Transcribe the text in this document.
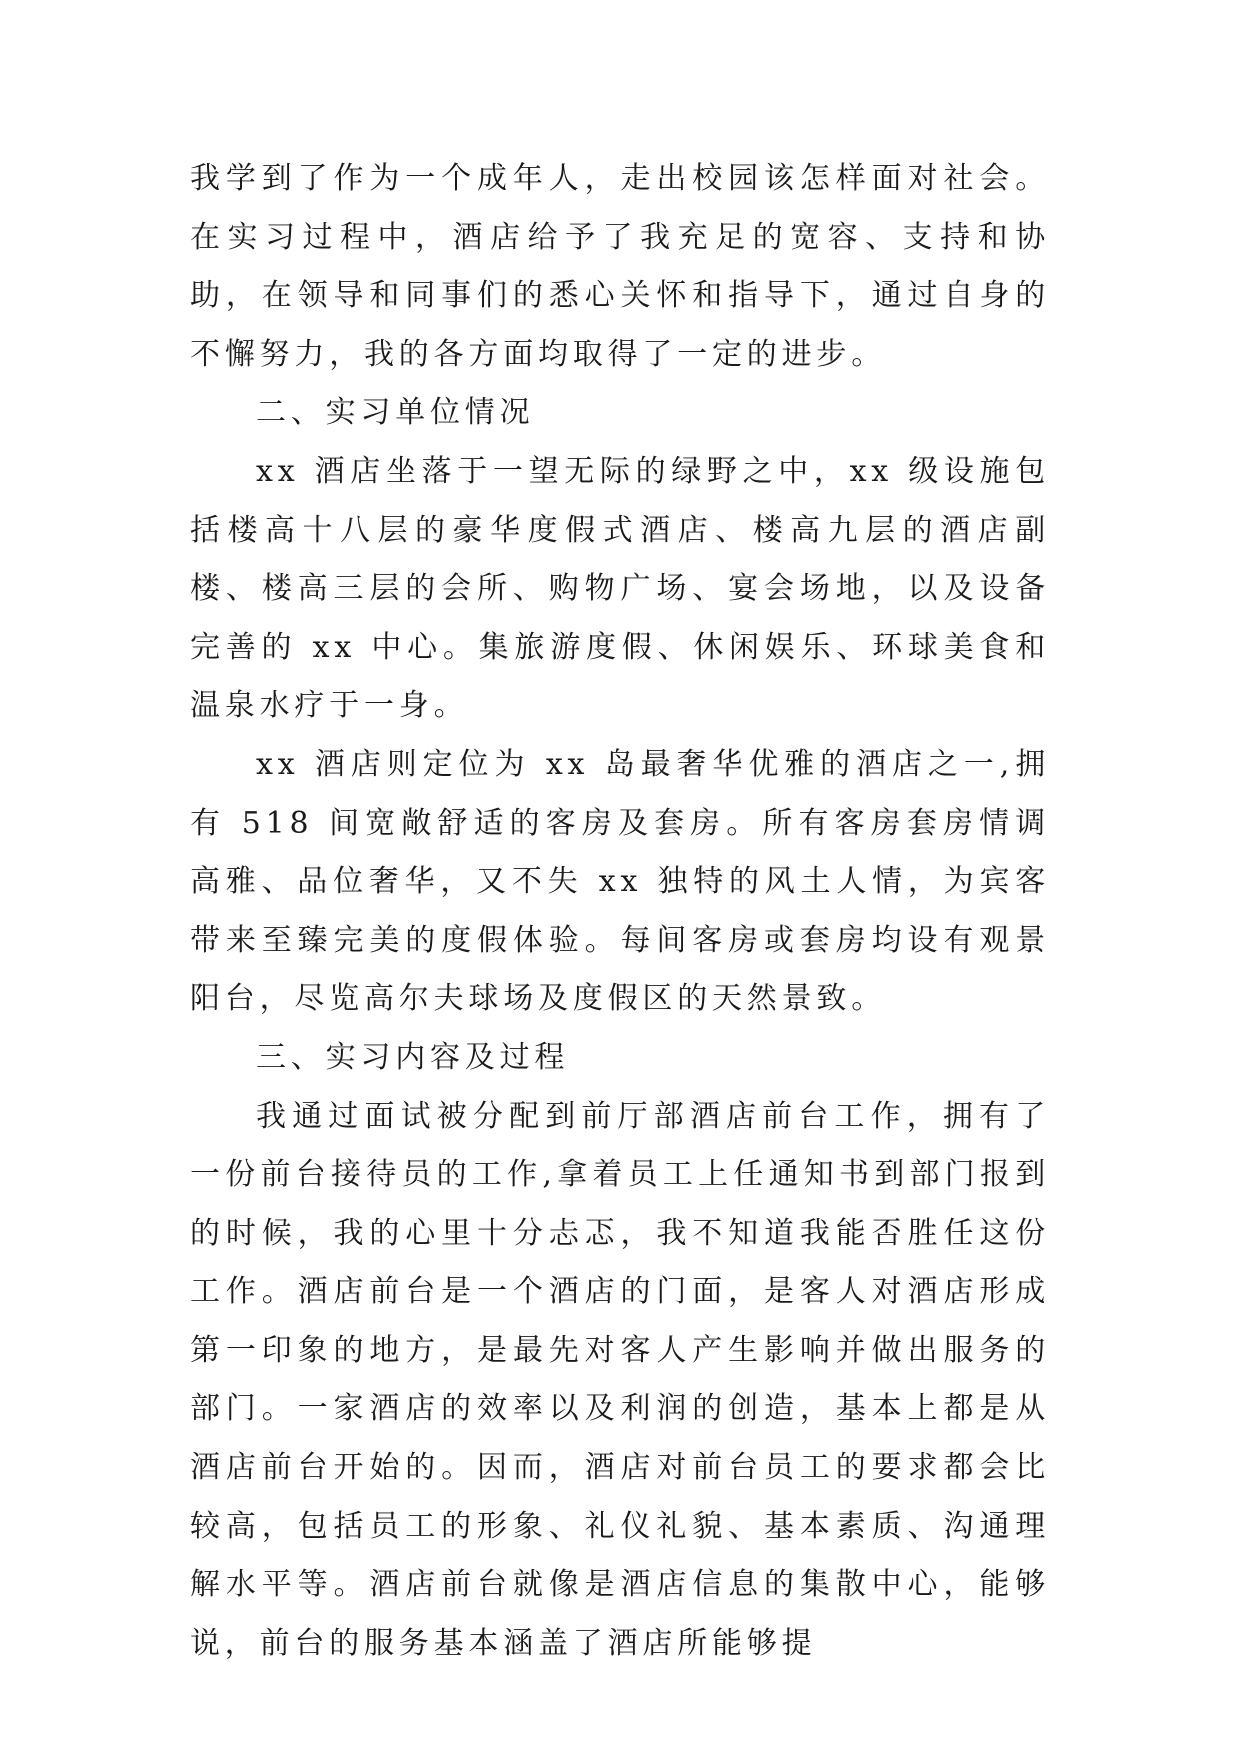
我学到了作为一个成年人，走出校园该怎样面对社会。在实习过程中，酒店给予了我充足的宽容、支持和协助，在领导和同事们的悉心关怀和指导下，通过自身的不懈努力，我的各方面均取得了一定的进步。

二、实习单位情况

xx 酒店坐落于一望无际的绿野之中，xx 级设施包括楼高十八层的豪华度假式酒店、楼高九层的酒店副楼、楼高三层的会所、购物广场、宴会场地，以及设备完善的 xx 中心。集旅游度假、休闲娱乐、环球美食和温泉水疗于一身。

xx 酒店则定位为 xx 岛最奢华优雅的酒店之一,拥有 518 间宽敞舒适的客房及套房。所有客房套房情调高雅、品位奢华，又不失 xx 独特的风土人情，为宾客带来至臻完美的度假体验。每间客房或套房均设有观景阳台，尽览高尔夫球场及度假区的天然景致。

三、实习内容及过程

我通过面试被分配到前厅部酒店前台工作，拥有了一份前台接待员的工作,拿着员工上任通知书到部门报到的时候，我的心里十分忐忑，我不知道我能否胜任这份工作。酒店前台是一个酒店的门面，是客人对酒店形成第一印象的地方，是最先对客人产生影响并做出服务的部门。一家酒店的效率以及利润的创造，基本上都是从酒店前台开始的。因而，酒店对前台员工的要求都会比较高，包括员工的形象、礼仪礼貌、基本素质、沟通理解水平等。酒店前台就像是酒店信息的集散中心，能够说，前台的服务基本涵盖了酒店所能够提
